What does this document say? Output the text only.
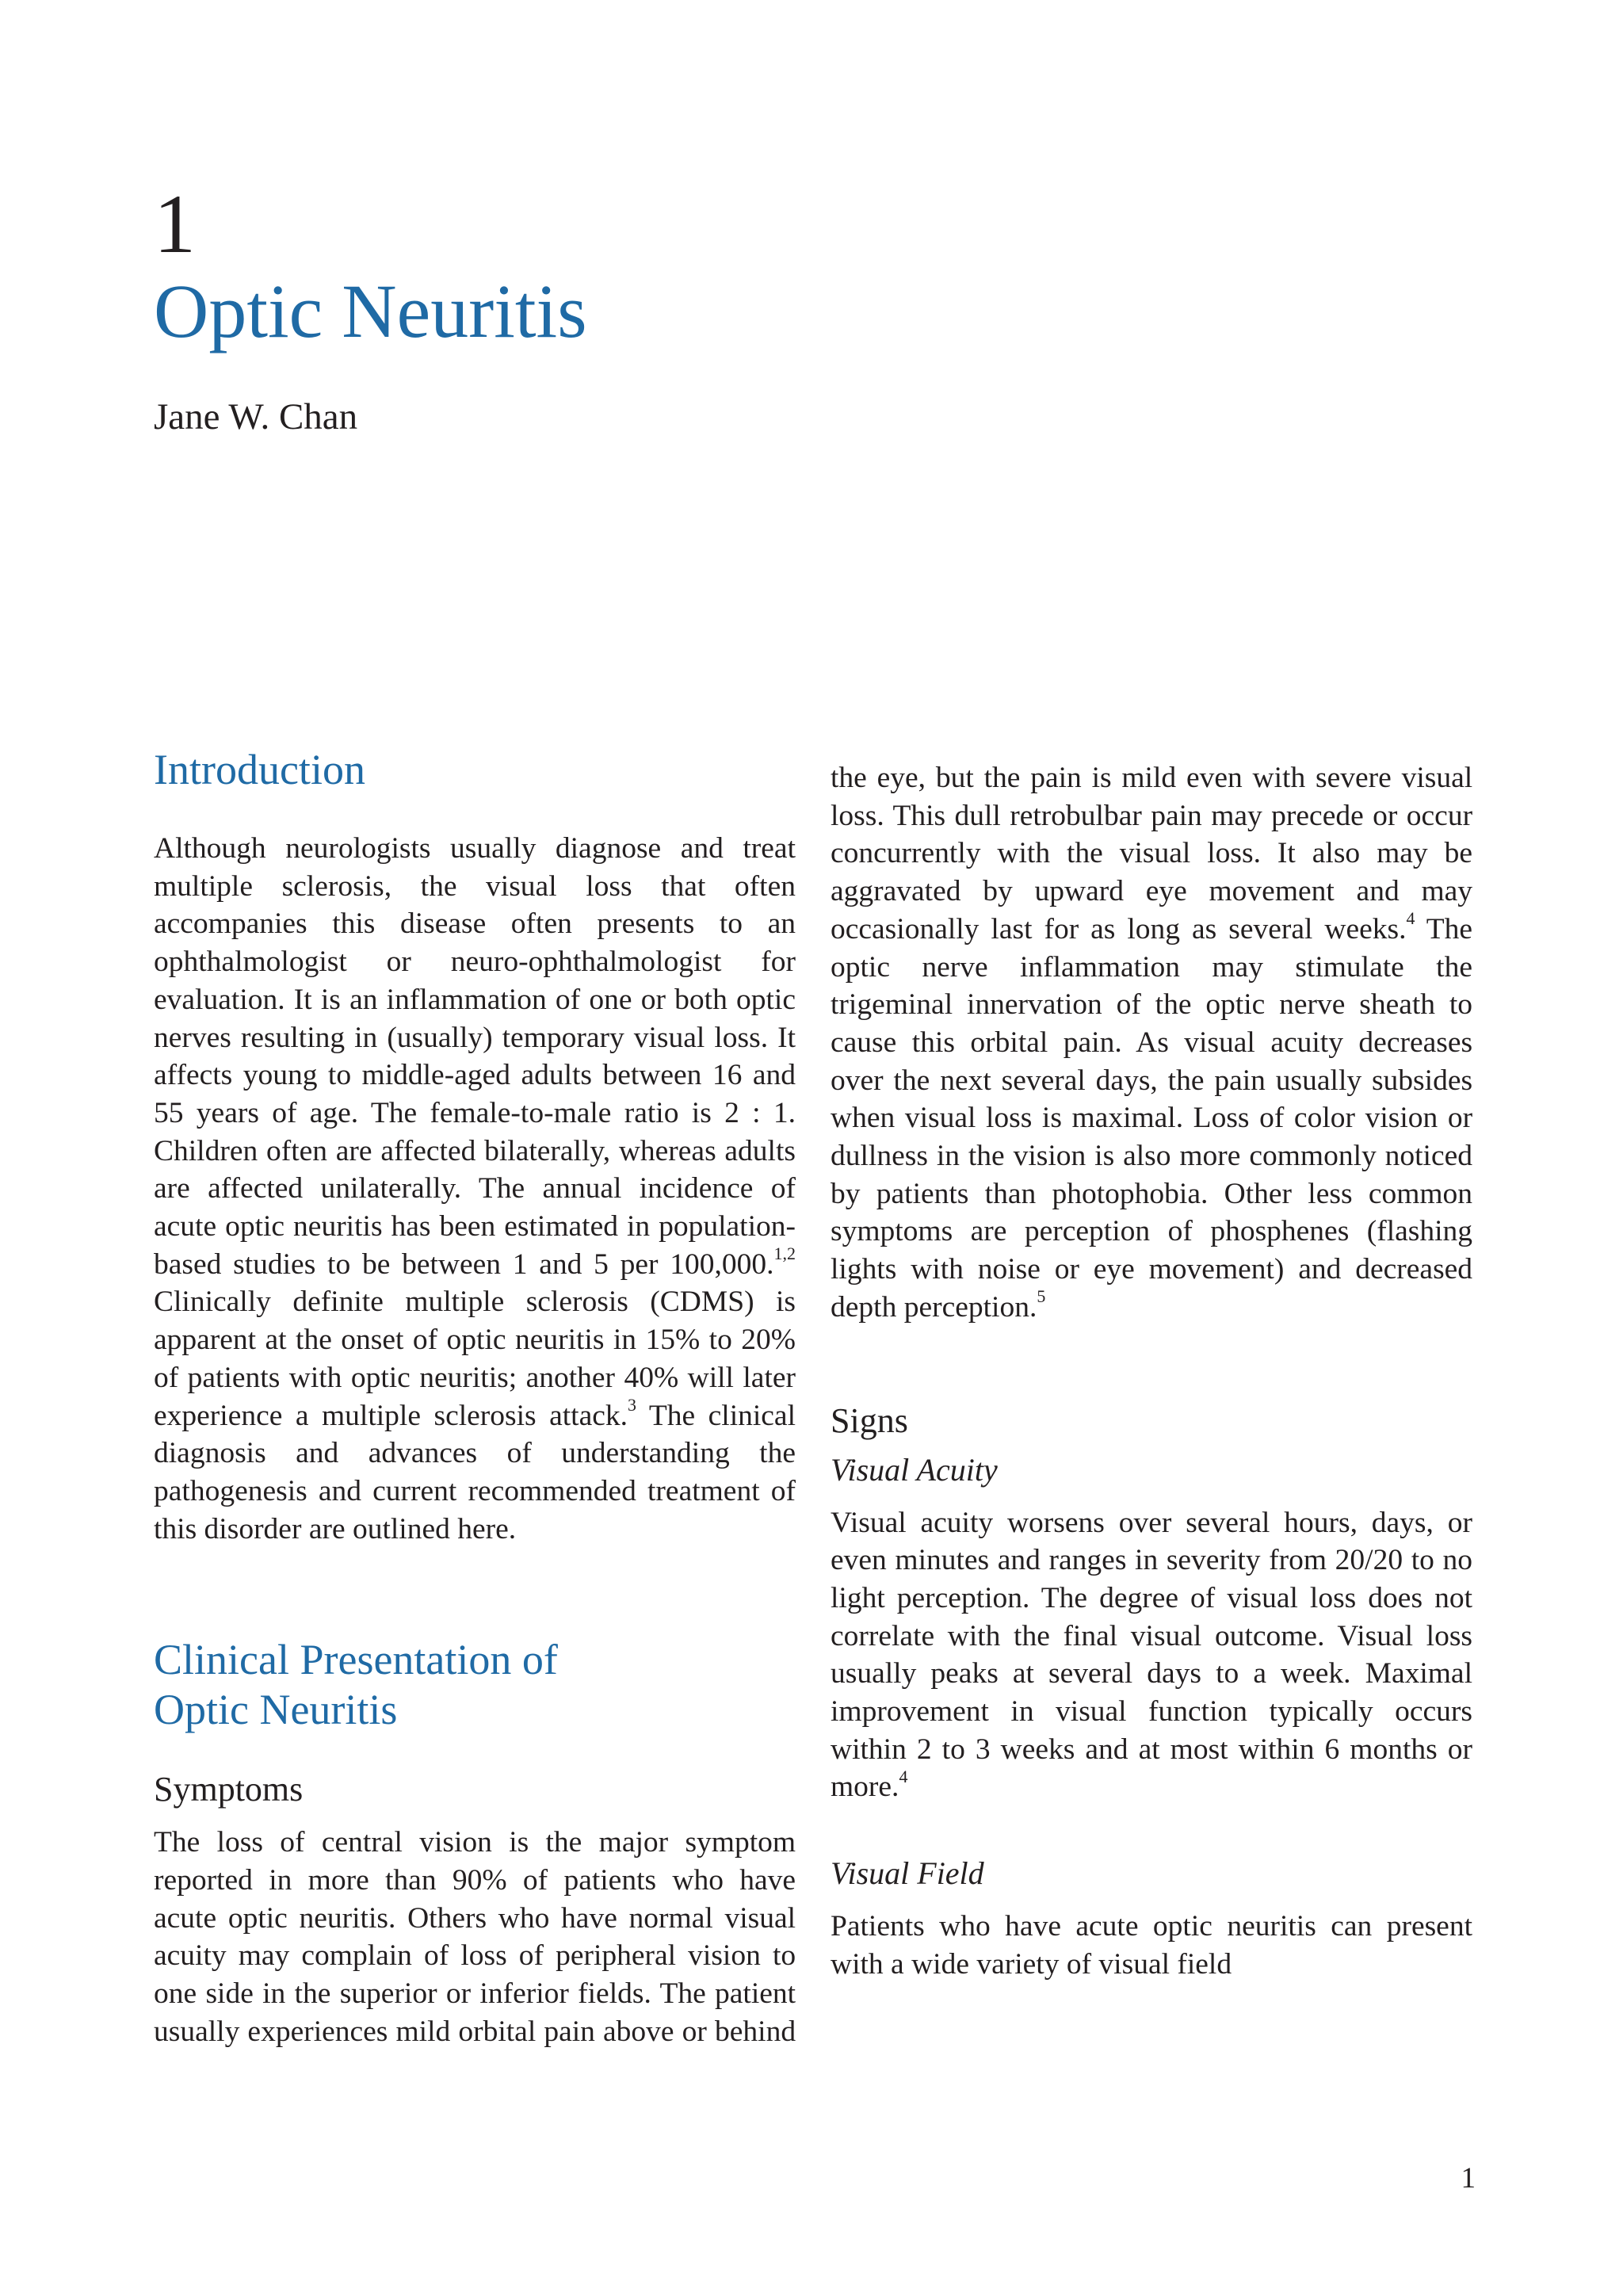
1
Optic Neuritis

Jane W. Chan

Introduction

Although neurologists usually diagnose and treat multiple sclerosis, the visual loss that often accompanies this disease often presents to an ophthalmologist or neuro-ophthalmologist for evaluation. It is an inflammation of one or both optic nerves resulting in (usually) temporary visual loss. It affects young to middle-aged adults between 16 and 55 years of age. The female-to-male ratio is 2 : 1. Children often are affected bilaterally, whereas adults are affected unilaterally. The annual incidence of acute optic neuritis has been estimated in population-based studies to be between 1 and 5 per 100,000.$^{1,2}$ Clinically definite multiple sclerosis (CDMS) is apparent at the onset of optic neuritis in 15% to 20% of patients with optic neuritis; another 40% will later experience a multiple sclerosis attack.$^3$ The clinical diagnosis and advances of understanding the pathogenesis and current recommended treatment of this disorder are outlined here.

Clinical Presentation of
Optic Neuritis
Symptoms

The loss of central vision is the major symptom reported in more than 90% of patients who have acute optic neuritis. Others who have normal visual acuity may complain of loss of peripheral vision to one side in the superior or inferior fields. The patient usually experiences mild orbital pain above or behind

the eye, but the pain is mild even with severe visual loss. This dull retrobulbar pain may precede or occur concurrently with the visual loss. It also may be aggravated by upward eye movement and may occasionally last for as long as several weeks.$^4$ The optic nerve inflammation may stimulate the trigeminal innervation of the optic nerve sheath to cause this orbital pain. As visual acuity decreases over the next several days, the pain usually subsides when visual loss is maximal. Loss of color vision or dullness in the vision is also more commonly noticed by patients than photophobia. Other less common symptoms are perception of phosphenes (flashing lights with noise or eye movement) and decreased depth perception.$^5$

Signs
Visual Acuity

Visual acuity worsens over several hours, days, or even minutes and ranges in severity from 20/20 to no light perception. The degree of visual loss does not correlate with the final visual outcome. Visual loss usually peaks at several days to a week. Maximal improvement in visual function typically occurs within 2 to 3 weeks and at most within 6 months or more.$^4$

Visual Field

Patients who have acute optic neuritis can present with a wide variety of visual field

1
